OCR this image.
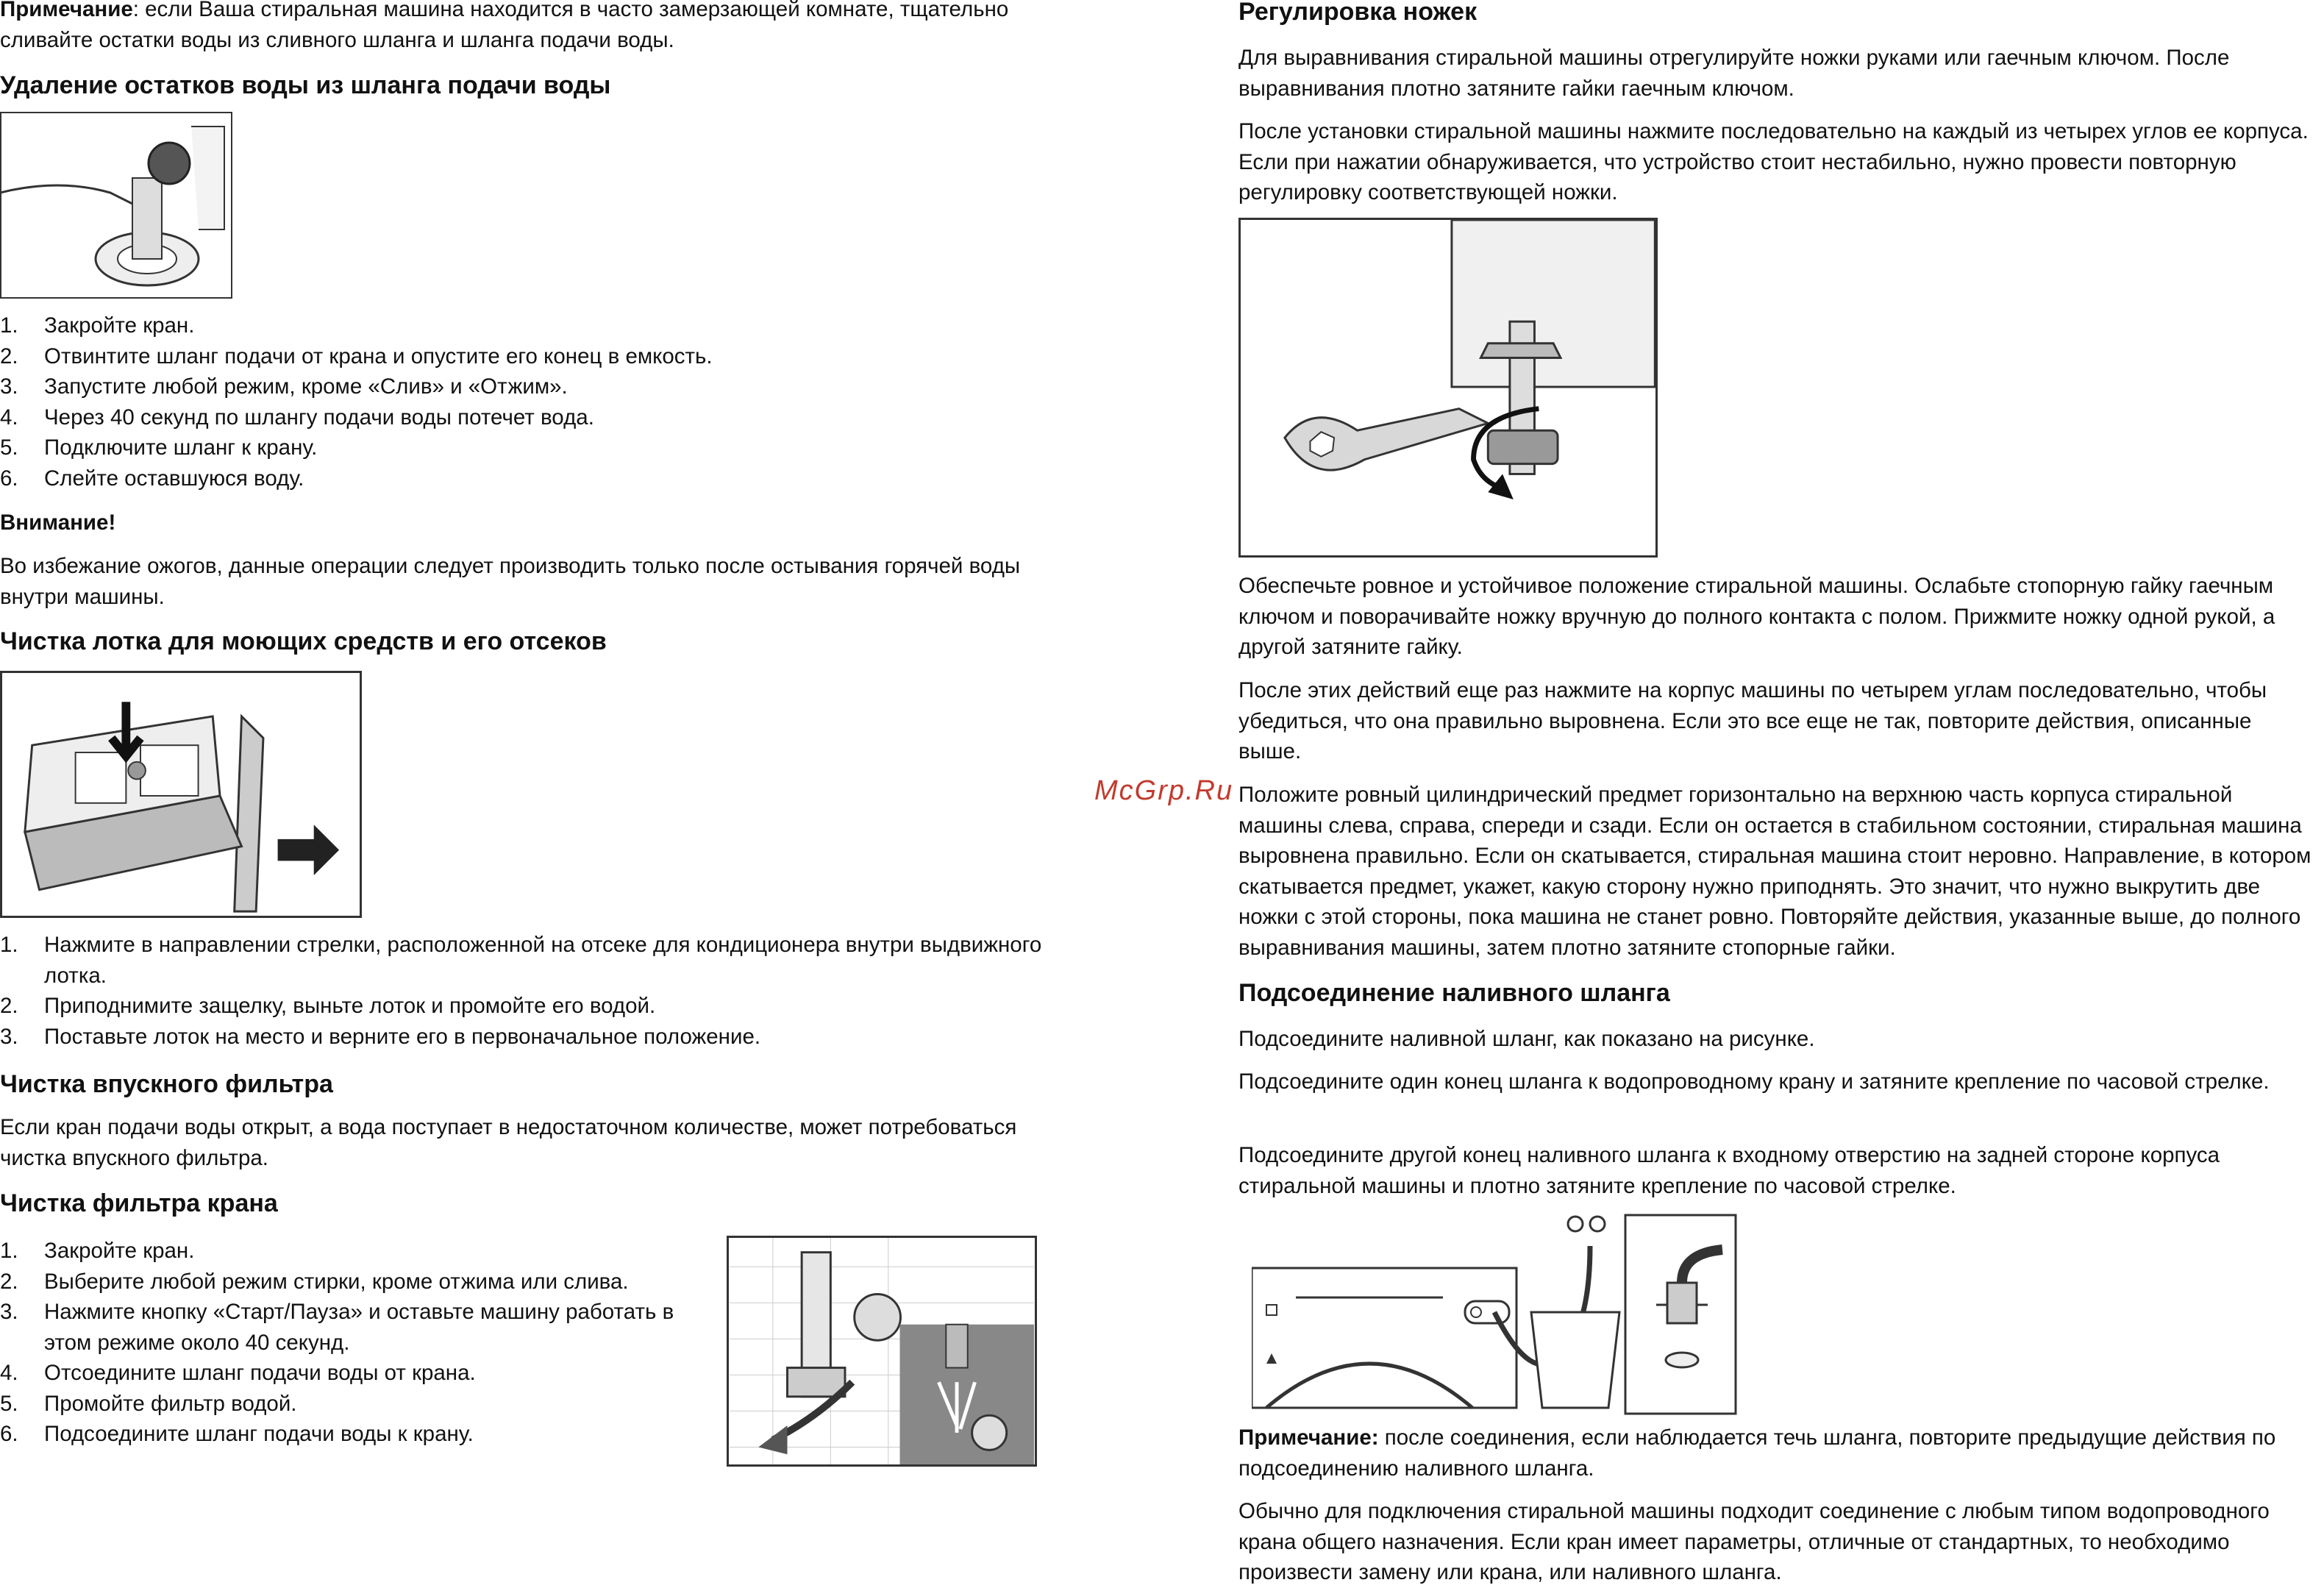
Примечание: если Ваша стиральная машина находится в часто замерзающей комнате, тщательно сливайте остатки воды из сливного шланга и шланга подачи воды.

Удаление остатков воды из шланга подачи воды
1. Закройте кран.
2. Отвинтите шланг подачи от крана и опустите его конец в емкость.
3. Запустите любой режим, кроме «Слив» и «Отжим».
4. Через 40 секунд по шлангу подачи воды потечет вода.
5. Подключите шланг к крану.
6. Слейте оставшуюся воду.

Внимание!

Во избежание ожогов, данные операции следует производить только после остывания горячей воды внутри машины.

Чистка лотка для моющих средств и его отсеков
1. Нажмите в направлении стрелки, расположенной на отсеке для кондиционера внутри выдвижного лотка.
2. Приподнимите защелку, выньте лоток и промойте его водой.
3. Поставьте лоток на место и верните его в первоначальное положение.
Чистка впускного фильтра

Если кран подачи воды открыт, а вода поступает в недостаточном количестве, может потребоваться чистка впускного фильтра.

Чистка фильтра крана
1. Закройте кран.
2. Выберите любой режим стирки, кроме отжима или слива.
3. Нажмите кнопку «Старт/Пауза» и оставьте машину работать в этом режиме около 40 секунд.
4. Отсоедините шланг подачи воды от крана.
5. Промойте фильтр водой.
6. Подсоедините шланг подачи воды к крану.
McGrp.Ru
Регулировка ножек

Для выравнивания стиральной машины отрегулируйте ножки руками или гаечным ключом. После выравнивания плотно затяните гайки гаечным ключом.

После установки стиральной машины нажмите последовательно на каждый из четырех углов ее корпуса. Если при нажатии обнаруживается, что устройство стоит нестабильно, нужно провести повторную регулировку соответствующей ножки.

Обеспечьте ровное и устойчивое положение стиральной машины. Ослабьте стопорную гайку гаечным ключом и поворачивайте ножку вручную до полного контакта с полом. Прижмите ножку одной рукой, а другой затяните гайку.

После этих действий еще раз нажмите на корпус машины по четырем углам последовательно, чтобы убедиться, что она правильно выровнена. Если это все еще не так, повторите действия, описанные выше.

Положите ровный цилиндрический предмет горизонтально на верхнюю часть корпуса стиральной машины слева, справа, спереди и сзади. Если он остается в стабильном состоянии, стиральная машина выровнена правильно. Если он скатывается, стиральная машина стоит неровно. Направление, в котором скатывается предмет, укажет, какую сторону нужно приподнять. Это значит, что нужно выкрутить две ножки с этой стороны, пока машина не станет ровно. Повторяйте действия, указанные выше, до полного выравнивания машины, затем плотно затяните стопорные гайки.

Подсоединение наливного шланга

Подсоедините наливной шланг, как показано на рисунке.

Подсоедините один конец шланга к водопроводному крану и затяните крепление по часовой стрелке.

Подсоедините другой конец наливного шланга к входному отверстию на задней стороне корпуса стиральной машины и плотно затяните крепление по часовой стрелке.

Примечание: после соединения, если наблюдается течь шланга, повторите предыдущие действия по подсоединению наливного шланга.

Обычно для подключения стиральной машины подходит соединение с любым типом водопроводного крана общего назначения. Если кран имеет параметры, отличные от стандартных, то необходимо произвести замену или крана, или наливного шланга.
